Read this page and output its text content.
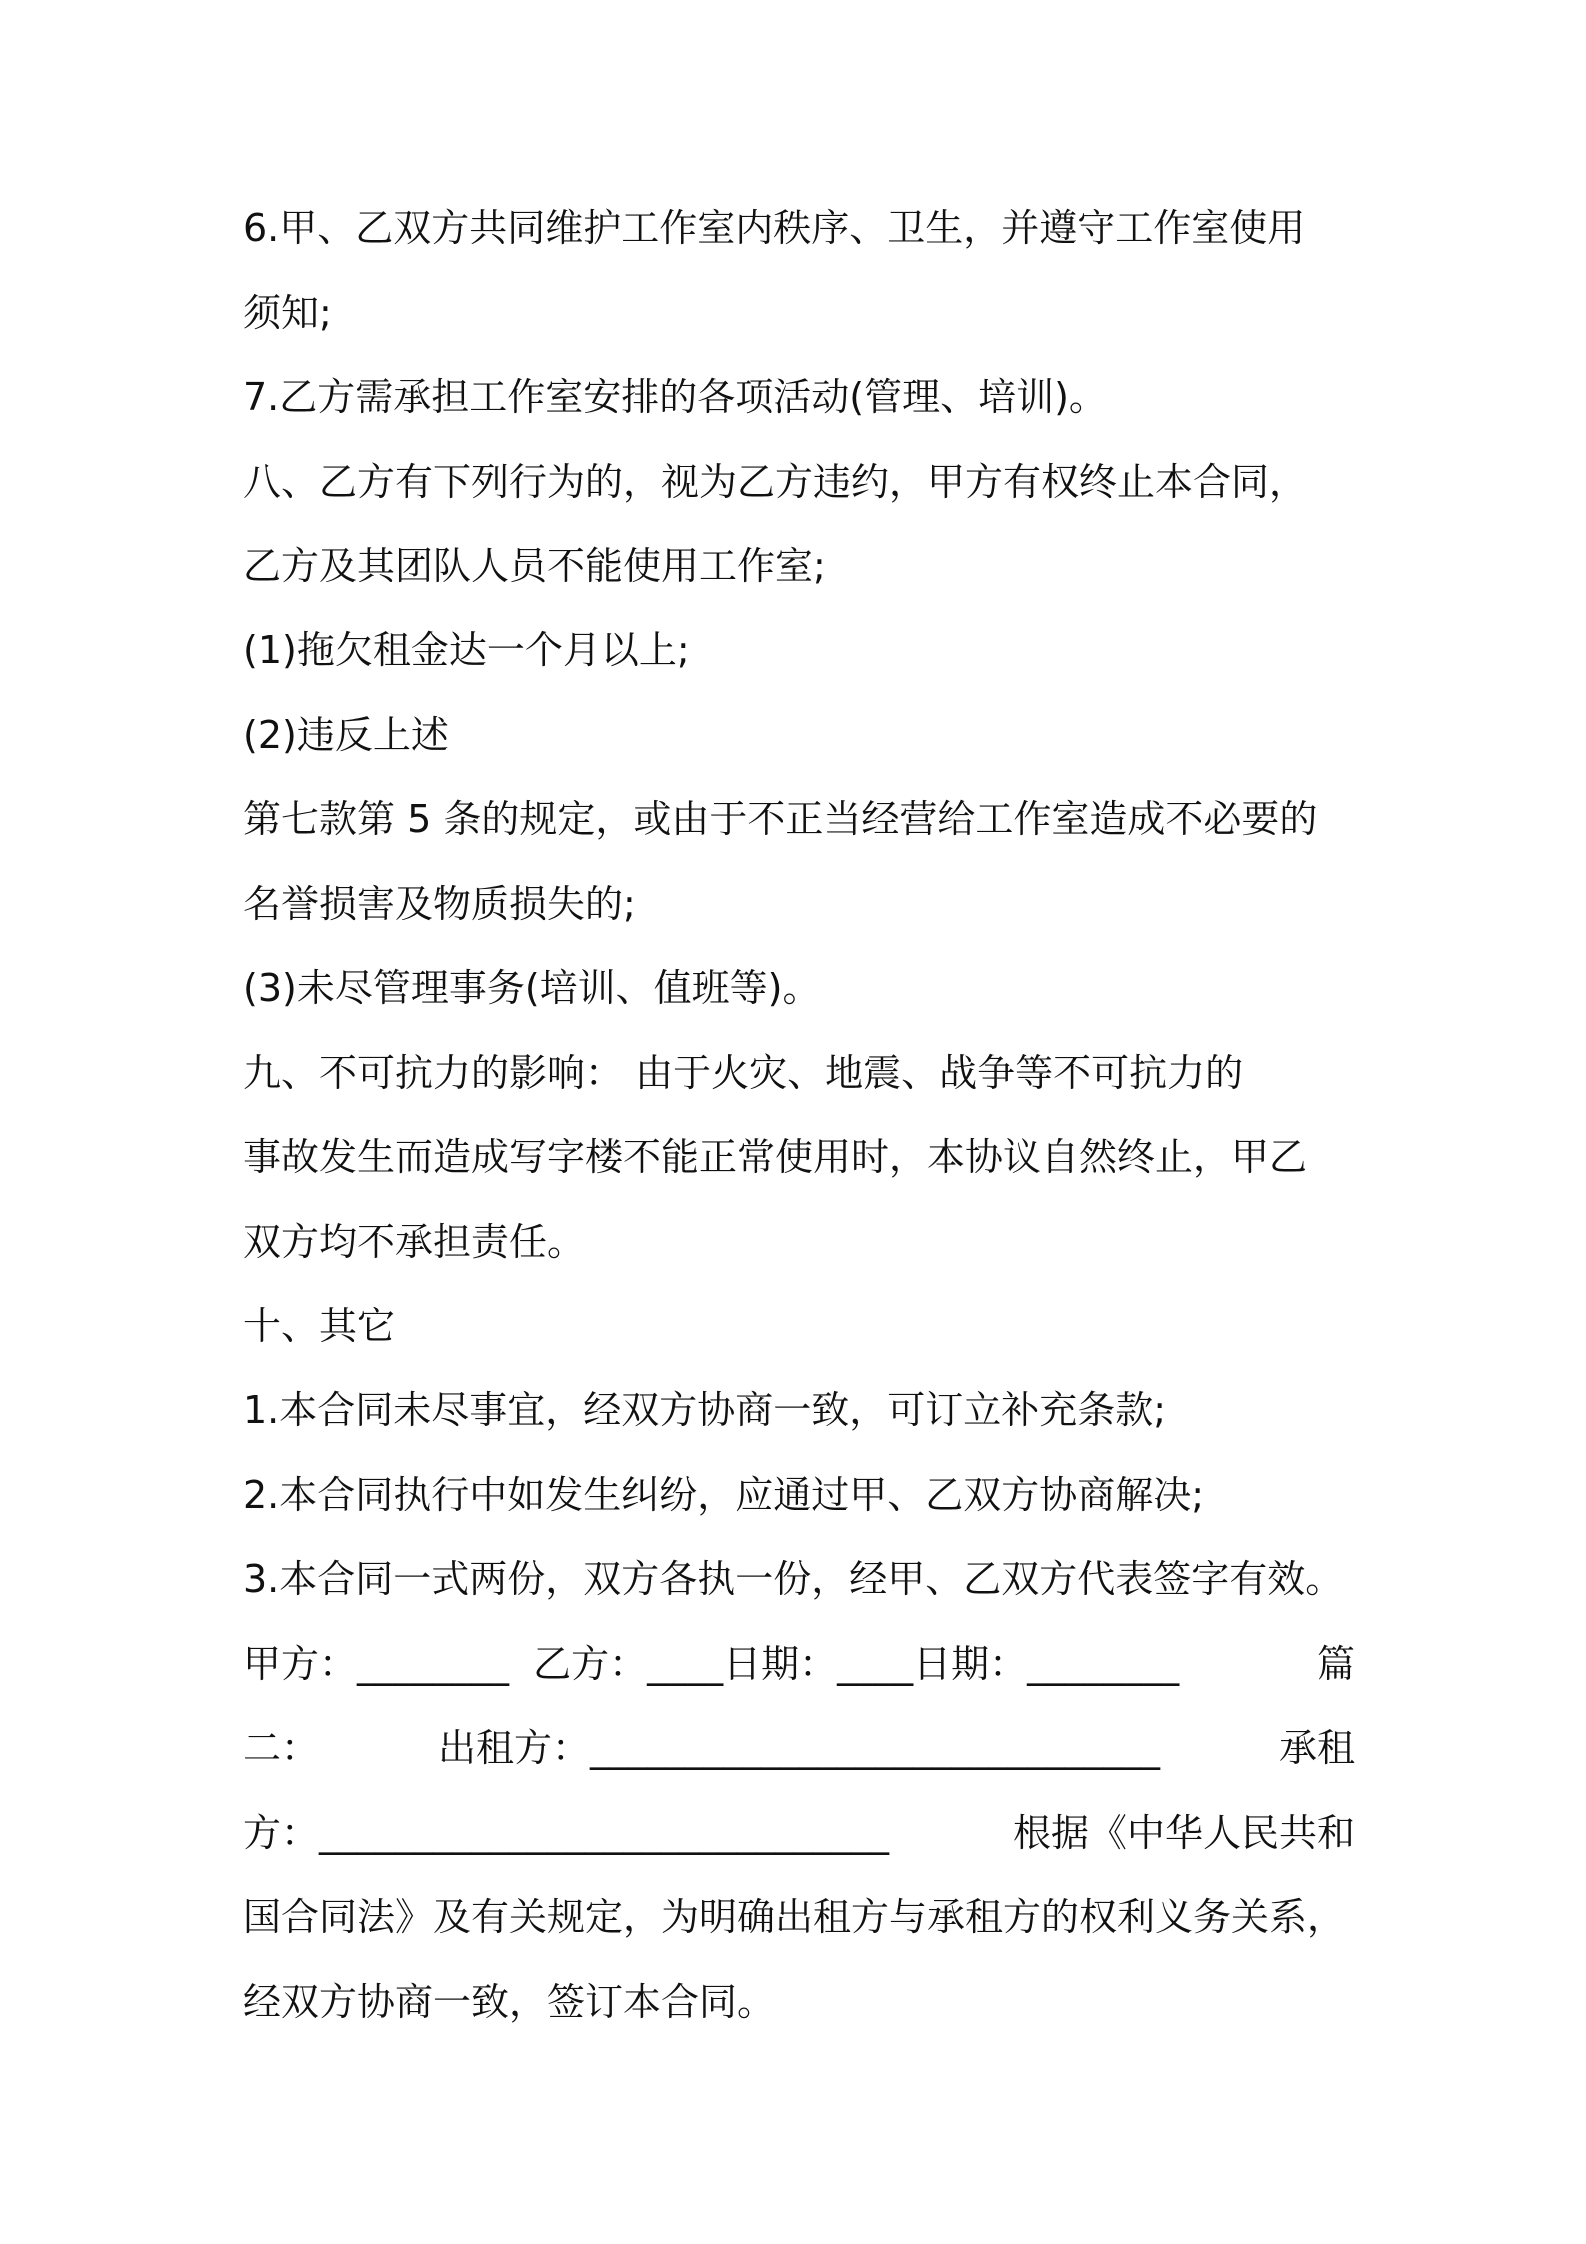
6.甲、乙双方共同维护工作室内秩序、卫生，并遵守工作室使用
须知;
7.乙方需承担工作室安排的各项活动(管理、培训)。
八、乙方有下列行为的，视为乙方违约，甲方有权终止本合同，
乙方及其团队人员不能使用工作室;
(1)拖欠租金达一个月以上;
(2)违反上述
第七款第 5 条的规定，或由于不正当经营给工作室造成不必要的
名誉损害及物质损失的;
(3)未尽管理事务(培训、值班等)。
九、不可抗力的影响： 由于火灾、地震、战争等不可抗力的
事故发生而造成写字楼不能正常使用时，本协议自然终止，甲乙
双方均不承担责任。
十、其它
1.本合同未尽事宜，经双方协商一致，可订立补充条款;
2.本合同执行中如发生纠纷，应通过甲、乙双方协商解决;
3.本合同一式两份，双方各执一份，经甲、乙双方代表签字有效。
甲方：________  乙方：____日期：____日期：________	篇
二：	出租方：______________________________	承租
方：______________________________	根据《中华人民共和
国合同法》及有关规定，为明确出租方与承租方的权利义务关系，
经双方协商一致，签订本合同。
